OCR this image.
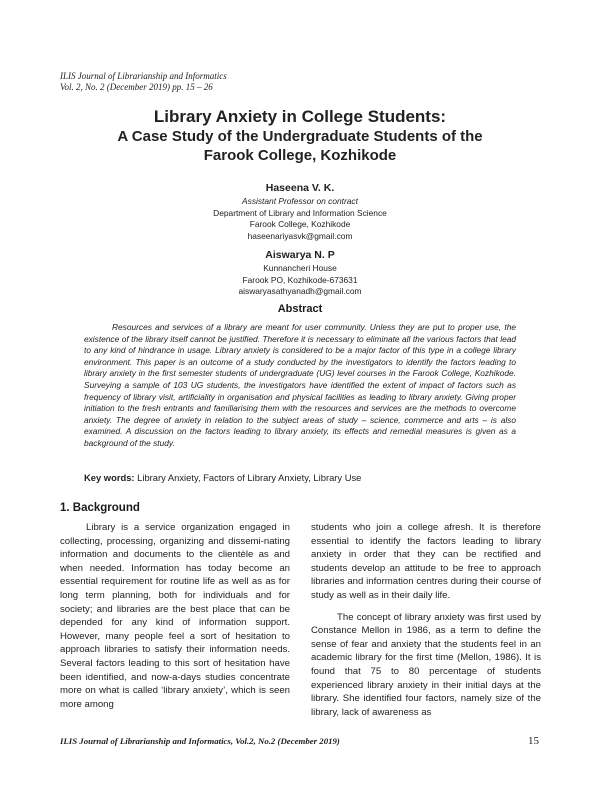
ILIS Journal of Librarianship and Informatics
Vol. 2, No. 2 (December 2019) pp. 15 – 26
Library Anxiety in College Students:
A Case Study of the Undergraduate Students of the
Farook College, Kozhikode
Haseena V. K.
Assistant Professor on contract
Department of Library and Information Science
Farook College, Kozhikode
haseenariyasvk@gmail.com
Aiswarya N. P
Kunnancheri House
Farook PO, Kozhikode-673631
aiswaryasathyanadh@gmail.com
Abstract
Resources and services of a library are meant for user community. Unless they are put to proper use, the existence of the library itself cannot be justified. Therefore it is necessary to eliminate all the various factors that lead to any kind of hindrance in usage. Library anxiety is considered to be a major factor of this type in a college library environment. This paper is an outcome of a study conducted by the investigators to identify the factors leading to library anxiety in the first semester students of undergraduate (UG) level courses in the Farook College, Kozhikode. Surveying a sample of 103 UG students, the investigators have identified the extent of impact of factors such as frequency of library visit, artificiality in organisation and physical facilities as leading to library anxiety. Giving proper initiation to the fresh entrants and familiarising them with the resources and services are the methods to overcome anxiety. The degree of anxiety in relation to the subject areas of study – science, commerce and arts – is also examined. A discussion on the factors leading to library anxiety, its effects and remedial measures is given as a background of the study.
Key words: Library Anxiety, Factors of Library Anxiety, Library Use
1. Background

Library is a service organization engaged in collecting, processing, organizing and dissemi-nating information and documents to the clientèle as and when needed. Information has today become an essential requirement for routine life as well as as for long term planning, both for individuals and for society; and libraries are the best place that can be depended for any kind of information support. However, many people feel a sort of hesitation to approach libraries to satisfy their information needs. Several factors leading to this sort of hesitation have been identified, and now-a-days studies concentrate more on what is called ‘library anxiety’, which is seen more among

students who join a college afresh. It is therefore essential to identify the factors leading to library anxiety in order that they can be rectified and students develop an attitude to be free to approach libraries and information centres during their course of study as well as in their daily life.

The concept of library anxiety was first used by Constance Mellon in 1986, as a term to define the sense of fear and anxiety that the students feel in an academic library for the first time (Mellon, 1986). It is found that 75 to 80 percentage of students experienced library anxiety in their initial days at the library. She identified four factors, namely size of the library, lack of awareness as

ILIS Journal of Librarianship and Informatics, Vol.2, No.2 (December 2019)	15
